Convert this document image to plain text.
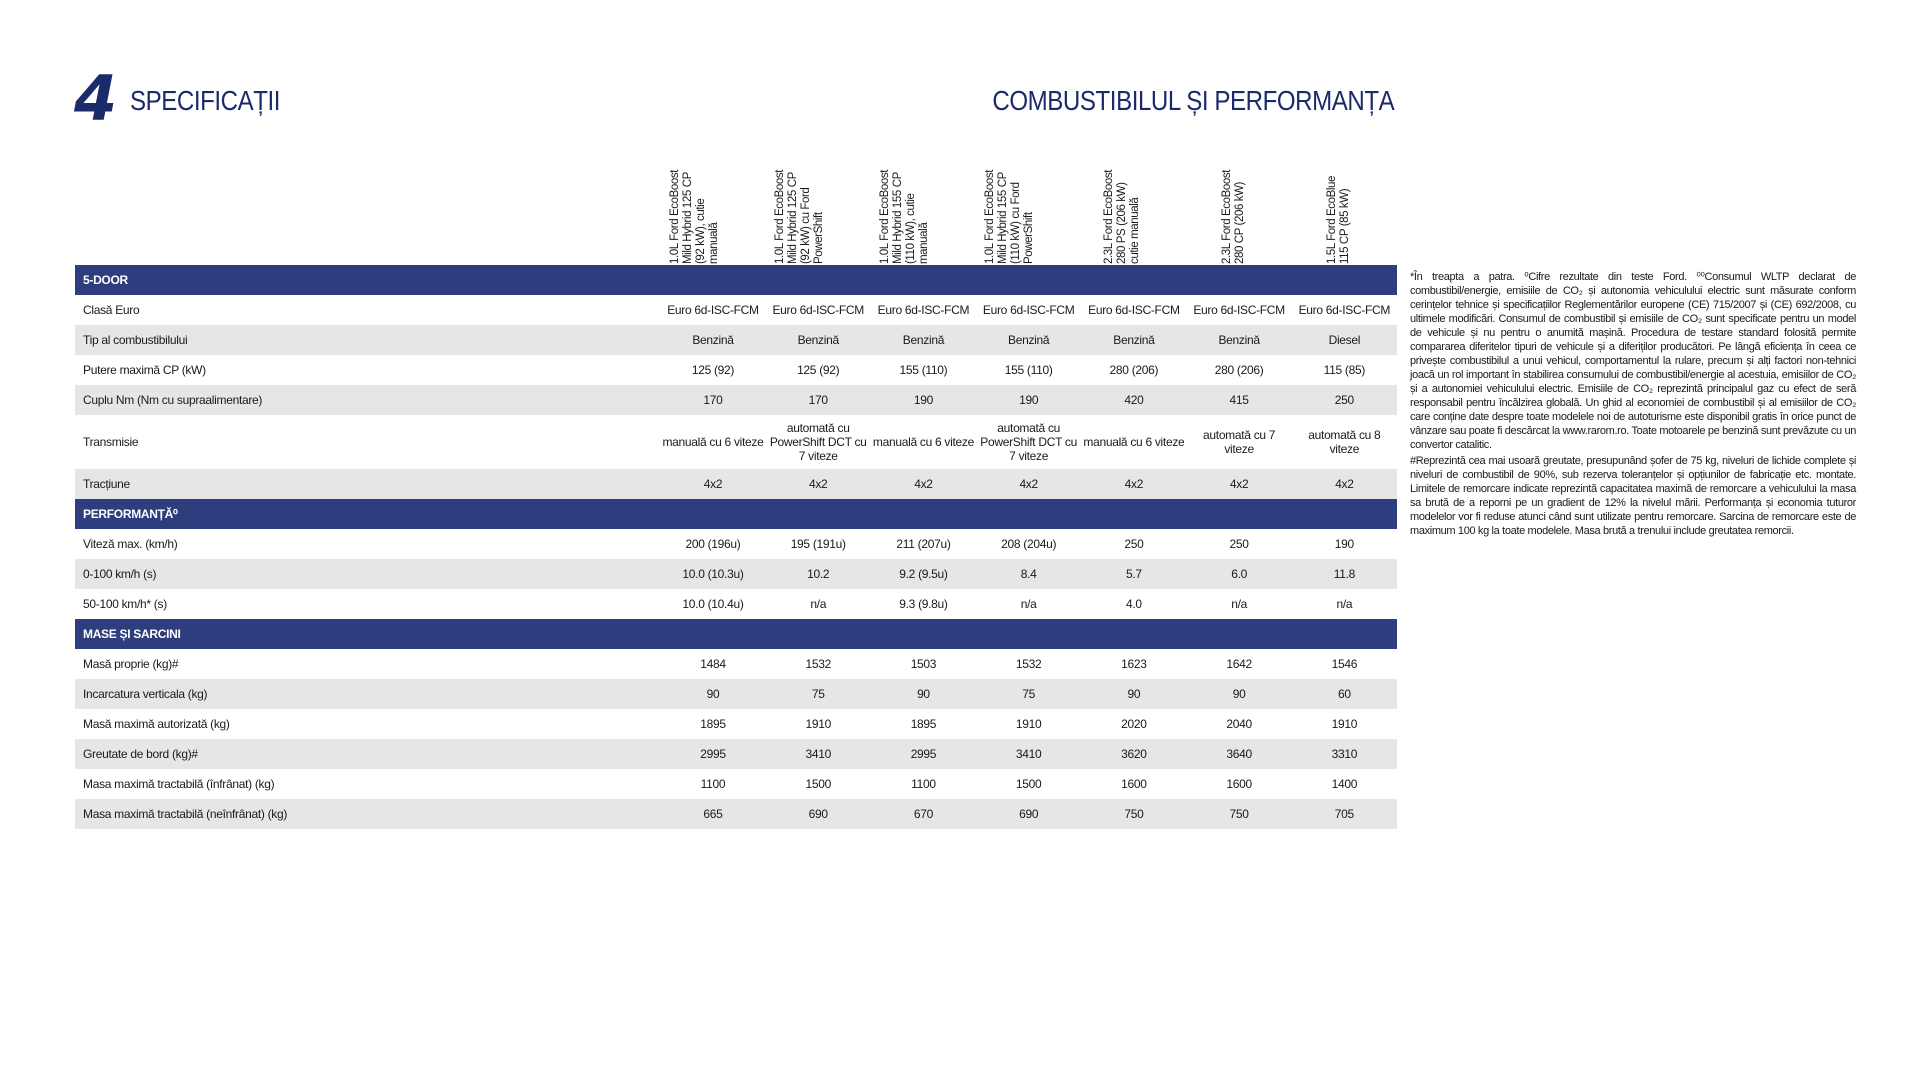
4 SPECIFICAȚII	COMBUSTIBILUL ȘI PERFORMANȚA
1.0L Ford EcoBoost Mild Hybrid 125 CP (92 kW), cutie manuală	1.0L Ford EcoBoost Mild Hybrid 125 CP (92 kW) cu Ford PowerShift	1.0L Ford EcoBoost Mild Hybrid 155 CP (110 kW), cutie manuală	1.0L Ford EcoBoost Mild Hybrid 155 CP (110 kW) cu Ford PowerShift	2.3L Ford EcoBoost 280 PS (206 kW) cutie manuală	2.3L Ford EcoBoost 280 CP (206 kW)	1.5L Ford EcoBlue 115 CP (85 kW)
5-DOOR							
Clasă Euro	Euro 6d-ISC-FCM	Euro 6d-ISC-FCM	Euro 6d-ISC-FCM	Euro 6d-ISC-FCM	Euro 6d-ISC-FCM	Euro 6d-ISC-FCM	Euro 6d-ISC-FCM
Tip al combustibilului	Benzină	Benzină	Benzină	Benzină	Benzină	Benzină	Diesel
Putere maximă CP (kW)	125 (92)	125 (92)	155 (110)	155 (110)	280 (206)	280 (206)	115 (85)
Cuplu Nm (Nm cu supraalimentare)	170	170	190	190	420	415	250
Transmisie	manuală cu 6 viteze	automată cu PowerShift DCT cu 7 viteze	manuală cu 6 viteze	automată cu PowerShift DCT cu 7 viteze	manuală cu 6 viteze	automată cu 7 viteze	automată cu 8 viteze
Tracțiune	4x2	4x2	4x2	4x2	4x2	4x2	4x2
PERFORMANȚĂ⁰							
Viteză max. (km/h)	200 (196u)	195 (191u)	211 (207u)	208 (204u)	250	250	190
0-100 km/h (s)	10.0 (10.3u)	10.2	9.2 (9.5u)	8.4	5.7	6.0	11.8
50-100 km/h* (s)	10.0 (10.4u)	n/a	9.3 (9.8u)	n/a	4.0	n/a	n/a
MASE ȘI SARCINI							
Masă proprie (kg)#	1484	1532	1503	1532	1623	1642	1546
Incarcatura verticala (kg)	90	75	90	75	90	90	60
Masă maximă autorizată (kg)	1895	1910	1895	1910	2020	2040	1910
Greutate de bord (kg)#	2995	3410	2995	3410	3620	3640	3310
Masa maximă tractabilă (înfrânat) (kg)	1100	1500	1100	1500	1600	1600	1400
Masa maximă tractabilă (neînfrânat) (kg)	665	690	670	690	750	750	705

*În treapta a patra. ⁰Cifre rezultate din teste Ford. ⁰⁰Consumul WLTP declarat de combustibil/energie, emisiile de CO₂ și autonomia vehiculului electric sunt măsurate conform cerințelor tehnice și specificațiilor Reglementărilor europene (CE) 715/2007 și (CE) 692/2008, cu ultimele modificări. Consumul de combustibil și emisiile de CO₂ sunt specificate pentru un model de vehicule și nu pentru o anumită mașină. Procedura de testare standard folosită permite compararea diferitelor tipuri de vehicule și a diferiților producători. Pe lângă eficiența în ceea ce privește combustibilul a unui vehicul, comportamentul la rulare, precum și alți factori non-tehnici joacă un rol important în stabilirea consumului de combustibil/energie al acestuia, emisiilor de CO₂ și a autonomiei vehiculului electric. Emisiile de CO₂ reprezintă principalul gaz cu efect de seră responsabil pentru încălzirea globală. Un ghid al economiei de combustibil și al emisiilor de CO₂ care conține date despre toate modelele noi de autoturisme este disponibil gratis în orice punct de vânzare sau poate fi descărcat la www.rarom.ro. Toate motoarele pe benzină sunt prevăzute cu un convertor catalitic.

#Reprezintă cea mai usoară greutate, presupunând șofer de 75 kg, niveluri de lichide complete și niveluri de combustibil de 90%, sub rezerva toleranțelor și opțiunilor de fabricație etc. montate. Limitele de remorcare indicate reprezintă capacitatea maximă de remorcare a vehiculului la masa sa brută de a reporni pe un gradient de 12% la nivelul mării. Performanța și economia tuturor modelelor vor fi reduse atunci când sunt utilizate pentru remorcare. Sarcina de remorcare este de maximum 100 kg la toate modelele. Masa brută a trenului include greutatea remorcii.
